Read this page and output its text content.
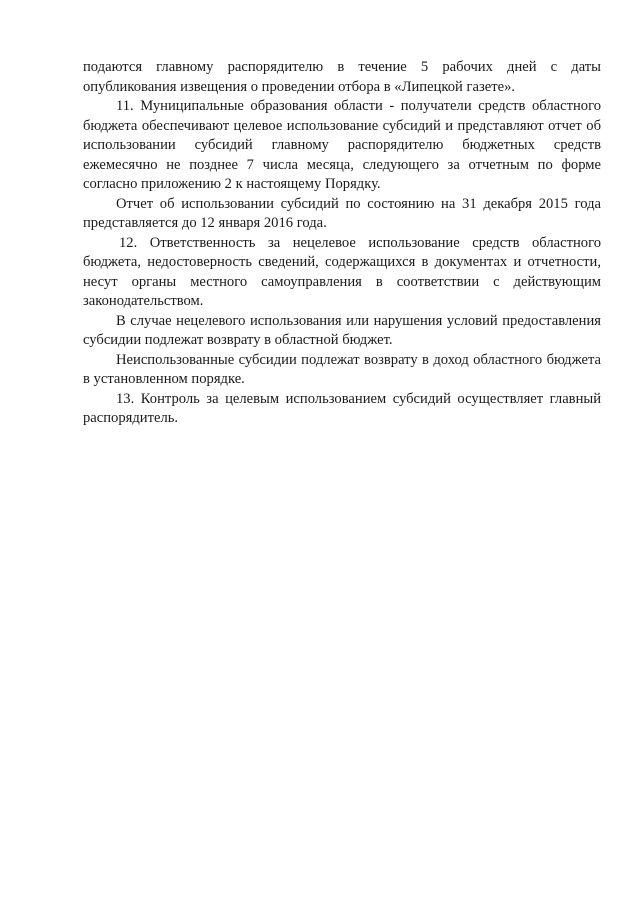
подаются главному распорядителю в течение 5 рабочих дней с даты опубликования извещения о проведении отбора в «Липецкой газете».

11. Муниципальные образования области - получатели средств областного бюджета обеспечивают целевое использование субсидий и представляют отчет об использовании субсидий главному распорядителю бюджетных средств ежемесячно не позднее 7 числа месяца, следующего за отчетным по форме согласно приложению 2 к настоящему Порядку.

Отчет об использовании субсидий по состоянию на 31 декабря 2015 года представляется до 12 января 2016 года.

12. Ответственность за нецелевое использование средств областного бюджета, недостоверность сведений, содержащихся в документах и отчетности, несут органы местного самоуправления в соответствии с действующим законодательством.

В случае нецелевого использования или нарушения условий предоставления субсидии подлежат возврату в областной бюджет.

Неиспользованные субсидии подлежат возврату в доход областного бюджета в установленном порядке.

13. Контроль за целевым использованием субсидий осуществляет главный распорядитель.
